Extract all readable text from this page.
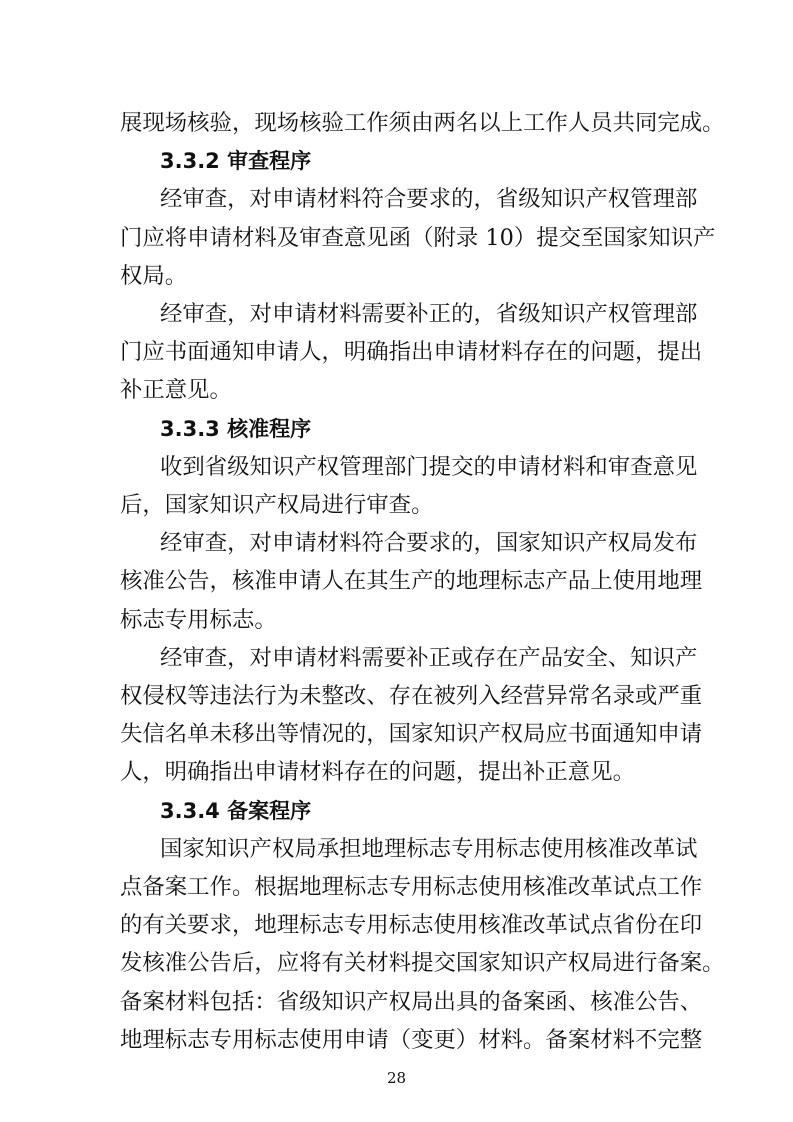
展现场核验，现场核验工作须由两名以上工作人员共同完成。
3.3.2 审查程序
经审查，对申请材料符合要求的，省级知识产权管理部
门应将申请材料及审查意见函（附录 10）提交至国家知识产
权局。
经审查，对申请材料需要补正的，省级知识产权管理部
门应书面通知申请人，明确指出申请材料存在的问题，提出
补正意见。
3.3.3 核准程序
收到省级知识产权管理部门提交的申请材料和审查意见
后，国家知识产权局进行审查。
经审查，对申请材料符合要求的，国家知识产权局发布
核准公告，核准申请人在其生产的地理标志产品上使用地理
标志专用标志。
经审查，对申请材料需要补正或存在产品安全、知识产
权侵权等违法行为未整改、存在被列入经营异常名录或严重
失信名单未移出等情况的，国家知识产权局应书面通知申请
人，明确指出申请材料存在的问题，提出补正意见。
3.3.4 备案程序
国家知识产权局承担地理标志专用标志使用核准改革试
点备案工作。根据地理标志专用标志使用核准改革试点工作
的有关要求，地理标志专用标志使用核准改革试点省份在印
发核准公告后，应将有关材料提交国家知识产权局进行备案。
备案材料包括：省级知识产权局出具的备案函、核准公告、
地理标志专用标志使用申请（变更）材料。备案材料不完整
28
